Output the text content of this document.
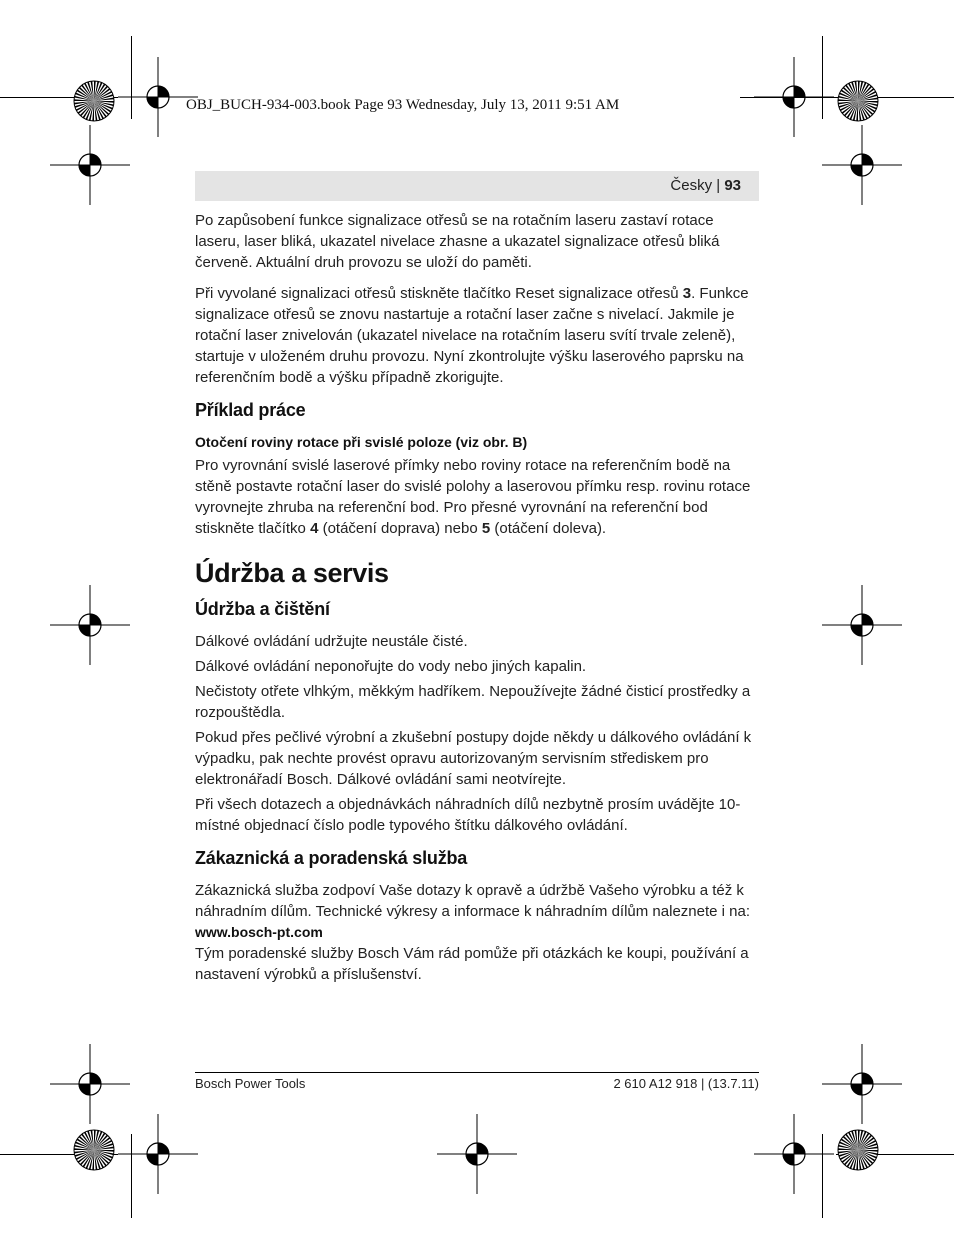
OBJ_BUCH-934-003.book Page 93 Wednesday, July 13, 2011 9:51 AM
Česky | 93

Po zapůsobení funkce signalizace otřesů se na rotačním laseru zastaví rotace laseru, laser bliká, ukazatel nivelace zhasne a ukazatel signalizace otřesů bliká červeně. Aktuální druh provozu se uloží do paměti.

Při vyvolané signalizaci otřesů stiskněte tlačítko Reset signalizace otřesů 3. Funkce signalizace otřesů se znovu nastartuje a rotační laser začne s nivelací. Jakmile je rotační laser znivelován (ukazatel nivelace na rotačním laseru svítí trvale zeleně), startuje v uloženém druhu provozu. Nyní zkontrolujte výšku laserového paprsku na referenčním bodě a výšku případně zkorigujte.

Příklad práce
Otočení roviny rotace při svislé poloze (viz obr. B)

Pro vyrovnání svislé laserové přímky nebo roviny rotace na referenčním bodě na stěně postavte rotační laser do svislé polohy a laserovou přímku resp. rovinu rotace vyrovnejte zhruba na referenční bod. Pro přesné vyrovnání na referenční bod stiskněte tlačítko 4 (otáčení doprava) nebo 5 (otáčení doleva).

Údržba a servis
Údržba a čištění

Dálkové ovládání udržujte neustále čisté.

Dálkové ovládání neponořujte do vody nebo jiných kapalin.

Nečistoty otřete vlhkým, měkkým hadříkem. Nepoužívejte žádné čisticí prostředky a rozpouštědla.

Pokud přes pečlivé výrobní a zkušební postupy dojde někdy u dálkového ovládání k výpadku, pak nechte provést opravu autorizovaným servisním střediskem pro elektronářadí Bosch. Dálkové ovládání sami neotvírejte.

Při všech dotazech a objednávkách náhradních dílů nezbytně prosím uvádějte 10-místné objednací číslo podle typového štítku dálkového ovládání.

Zákaznická a poradenská služba

Zákaznická služba zodpoví Vaše dotazy k opravě a údržbě Vašeho výrobku a též k náhradním dílům. Technické výkresy a informace k náhradním dílům naleznete i na:

www.bosch-pt.com

Tým poradenské služby Bosch Vám rád pomůže při otázkách ke koupi, používání a nastavení výrobků a příslušenství.

Bosch Power Tools	2 610 A12 918 | (13.7.11)
